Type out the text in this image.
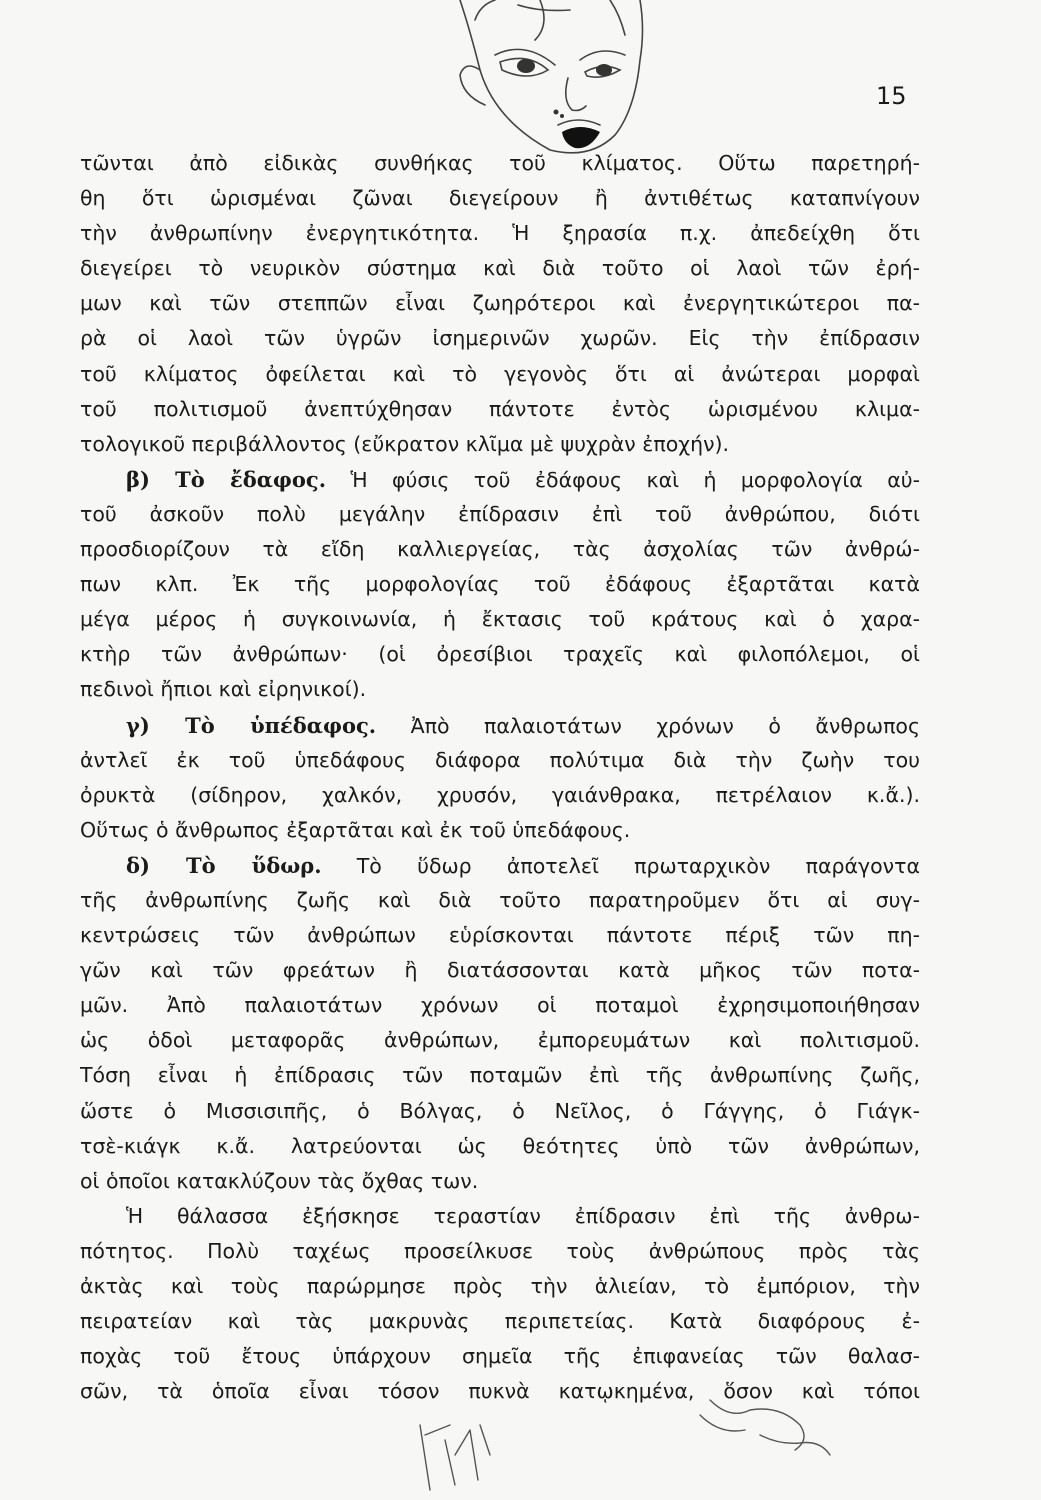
15
τῶνται ἀπὸ εἰδικὰς συνθήκας τοῦ κλίματος. Οὕτω παρετηρή-
θη ὅτι ὡρισμέναι ζῶναι διεγείρουν ἢ ἀντιθέτως καταπνίγουν
τὴν ἀνθρωπίνην ἐνεργητικότητα. Ἡ ξηρασία π.χ. ἀπεδείχθη ὅτι
διεγείρει τὸ νευρικὸν σύστημα καὶ διὰ τοῦτο οἱ λαοὶ τῶν ἐρή-
μων καὶ τῶν στεππῶν εἶναι ζωηρότεροι καὶ ἐνεργητικώτεροι πα-
ρὰ οἱ λαοὶ τῶν ὑγρῶν ἰσημερινῶν χωρῶν. Εἰς τὴν ἐπίδρασιν
τοῦ κλίματος ὀφείλεται καὶ τὸ γεγονὸς ὅτι αἱ ἀνώτεραι μορφαὶ
τοῦ πολιτισμοῦ ἀνεπτύχθησαν πάντοτε ἐντὸς ὡρισμένου κλιμα-
τολογικοῦ περιβάλλοντος (εὔκρατον κλῖμα μὲ ψυχρὰν ἐποχήν).
β) Τὸ ἔδαφος. Ἡ φύσις τοῦ ἐδάφους καὶ ἡ μορφολογία αὐ-
τοῦ ἀσκοῦν πολὺ μεγάλην ἐπίδρασιν ἐπὶ τοῦ ἀνθρώπου, διότι
προσδιορίζουν τὰ εἴδη καλλιεργείας, τὰς ἀσχολίας τῶν ἀνθρώ-
πων κλπ. Ἐκ τῆς μορφολογίας τοῦ ἐδάφους ἐξαρτᾶται κατὰ
μέγα μέρος ἡ συγκοινωνία, ἡ ἔκτασις τοῦ κράτους καὶ ὁ χαρα-
κτὴρ τῶν ἀνθρώπων· (οἱ ὀρεσίβιοι τραχεῖς καὶ φιλοπόλεμοι, οἱ
πεδινοὶ ἤπιοι καὶ εἰρηνικοί).
γ) Τὸ ὑπέδαφος. Ἀπὸ παλαιοτάτων χρόνων ὁ ἄνθρωπος
ἀντλεῖ ἐκ τοῦ ὑπεδάφους διάφορα πολύτιμα διὰ τὴν ζωὴν του
ὀρυκτὰ (σίδηρον, χαλκόν, χρυσόν, γαιάνθρακα, πετρέλαιον κ.ἄ.).
Οὕτως ὁ ἄνθρωπος ἐξαρτᾶται καὶ ἐκ τοῦ ὑπεδάφους.
δ) Τὸ ὕδωρ. Τὸ ὕδωρ ἀποτελεῖ πρωταρχικὸν παράγοντα
τῆς ἀνθρωπίνης ζωῆς καὶ διὰ τοῦτο παρατηροῦμεν ὅτι αἱ συγ-
κεντρώσεις τῶν ἀνθρώπων εὑρίσκονται πάντοτε πέριξ τῶν πη-
γῶν καὶ τῶν φρεάτων ἢ διατάσσονται κατὰ μῆκος τῶν ποτα-
μῶν. Ἀπὸ παλαιοτάτων χρόνων οἱ ποταμοὶ ἐχρησιμοποιήθησαν
ὡς ὁδοὶ μεταφορᾶς ἀνθρώπων, ἐμπορευμάτων καὶ πολιτισμοῦ.
Τόση εἶναι ἡ ἐπίδρασις τῶν ποταμῶν ἐπὶ τῆς ἀνθρωπίνης ζωῆς,
ὥστε ὁ Μισσισιπῆς, ὁ Βόλγας, ὁ Νεῖλος, ὁ Γάγγης, ὁ Γιάγκ-
τσὲ-κιάγκ κ.ἄ. λατρεύονται ὡς θεότητες ὑπὸ τῶν ἀνθρώπων,
οἱ ὁποῖοι κατακλύζουν τὰς ὄχθας των.
Ἡ θάλασσα ἐξήσκησε τεραστίαν ἐπίδρασιν ἐπὶ τῆς ἀνθρω-
πότητος. Πολὺ ταχέως προσείλκυσε τοὺς ἀνθρώπους πρὸς τὰς
ἀκτὰς καὶ τοὺς παρώρμησε πρὸς τὴν ἁλιείαν, τὸ ἐμπόριον, τὴν
πειρατείαν καὶ τὰς μακρυνὰς περιπετείας. Κατὰ διαφόρους ἐ-
ποχὰς τοῦ ἔτους ὑπάρχουν σημεῖα τῆς ἐπιφανείας τῶν θαλασ-
σῶν, τὰ ὁποῖα εἶναι τόσον πυκνὰ κατῳκημένα, ὅσον καὶ τόποι
